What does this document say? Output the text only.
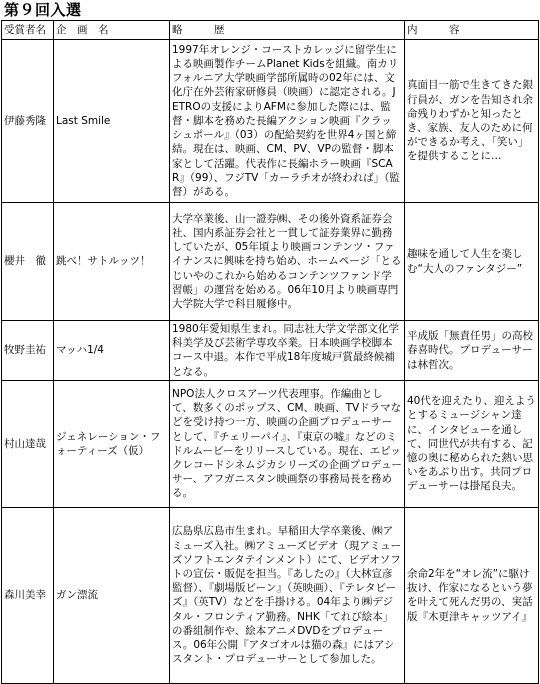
第９回入選
受賞者名	企　画　名	略　　　歴	内　　　容
伊藤秀隆	Last Smile	1997年オレンジ・コーストカレッジに留学生による映画製作チームPlanet Kidsを組織。南カリフォルニア大学映画学部所属時の02年には、文化庁在外芸術家研修員（映画）に認定される。JETROの支援によりAFMに参加した際には、監督・脚本を務めた長編アクション映画『クラッシュポール』（03）の配給契約を世界4ヶ国と締結。現在は、映画、CM、PV、VPの監督・脚本家として活躍。代表作に長編ホラー映画『SCAR』（99）、フジTV「カーラチオが終われば」（監督）がある。	真面目一筋で生きてきた銀行員が、ガンを告知され余命残りわずかと知ったとき、家族、友人のために何ができるか考え、「笑い」を提供することに…
櫻井　徹	跳べ！サトルッツ！	大学卒業後、山一證券㈱、その後外資系証券会社、国内系証券会社と一貫して証券業界に勤務していたが、05年頃より映画コンテンツ・ファイナンスに興味を持ち始め、ホームページ「とるじいやのこれから始めるコンテンツファンド学習帳」の運営を始める。06年10月より映画専門大学院大学で科目履修中。	趣味を通して人生を楽しむ“大人のファンタジー”
牧野圭祐	マッハ1/4	1980年愛知県生まれ。同志社大学文学部文化学科美学及び芸術学専攻卒業。日本映画学校脚本コース中退。本作で平成18年度城戸賞最終候補となる。	平成版「無責任男」の高校春喜時代。プロデューサーは林哲次。
村山達哉	ジェネレーション・フォーティーズ（仮）	NPO法人クロスアーツ代表理事。作編曲として、数多くのポップス、CM、映画、TVドラマなどを受け持つ一方、映画の企画プロデューサーとして、『チェリーパイ』、『東京の嘘』などのミドルムービーをリリースしている。現在、エピックレコードシネムジカシリーズの企画プロデューサー、アフガニスタン映画祭の事務局長を務める。	40代を迎えたり、迎えようとするミュージシャン達に、インタビューを通して、同世代が共有する、記憶の奥に秘められた熱い思いをあぶり出す。共同プロデューサーは掛尾良夫。
森川美幸	ガン漂流	広島県広島市生まれ。早稲田大学卒業後、㈱アミューズ入社。㈱アミューズビデオ（現アミューズソフトエンタテインメント）にて、ビデオソフトの宣伝・販促を担当。『あしたの』（大林宣彦監督）、『劇場版ビーン』（英映画）、『テレタビーズ』（英TV）などを手掛ける。04年より㈱デジタル・フロンティア勤務。NHK「てれび絵本」の番組制作や、絵本アニメDVDをプロデュース。06年公開『アタゴオルは猫の森』にはアシスタント・プロデューサーとして参加した。	余命2年を“オレ流”に駆け抜け、作家になるという夢を叶えて死んだ男の、実話版『木更津キャッツアイ』
